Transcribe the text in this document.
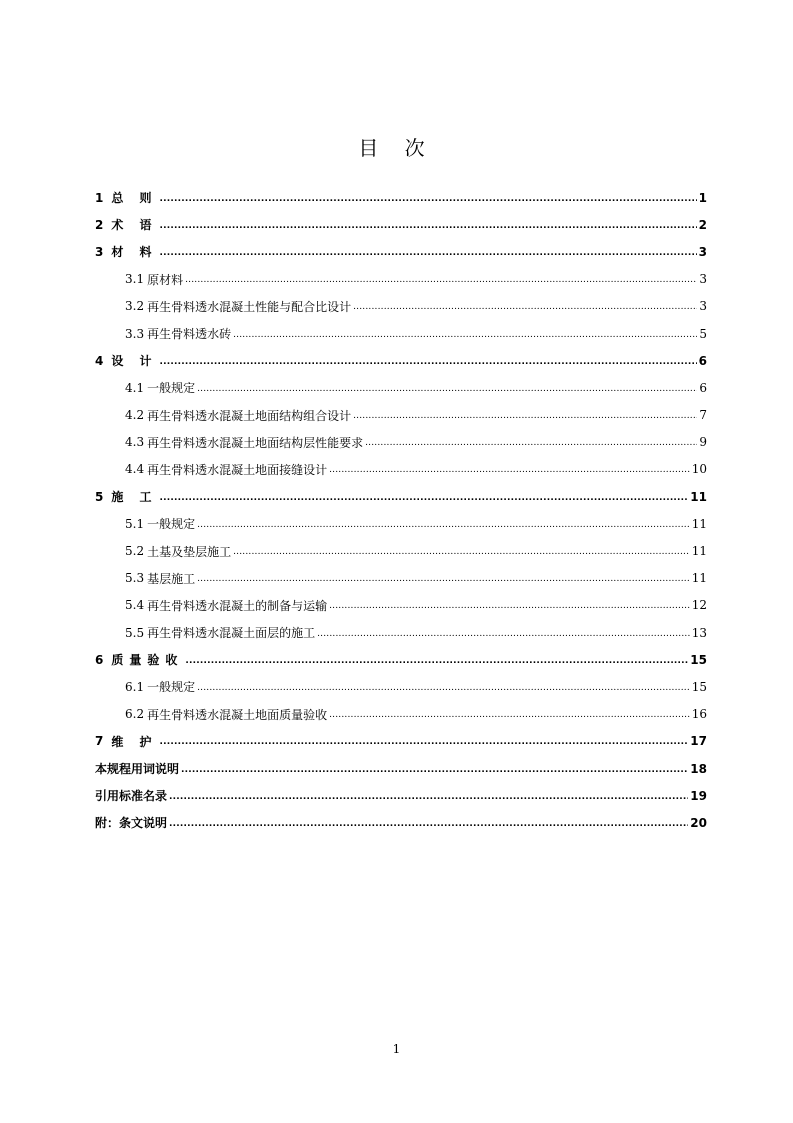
目 次
1 总 则 .....	1
2 术 语 .....	2
3 材 料 .....	3
3.1 原材料 .....	3
3.2 再生骨料透水混凝土性能与配合比设计 .....	3
3.3 再生骨料透水砖 .....	5
4 设 计 .....	6
4.1 一般规定 .....	6
4.2 再生骨料透水混凝土地面结构组合设计 .....	7
4.3 再生骨料透水混凝土地面结构层性能要求 .....	9
4.4 再生骨料透水混凝土地面接缝设计 .....	10
5 施 工 .....	11
5.1 一般规定 .....	11
5.2 土基及垫层施工 .....	11
5.3 基层施工 .....	11
5.4 再生骨料透水混凝土的制备与运输 .....	12
5.5 再生骨料透水混凝土面层的施工 .....	13
6 质量验收 .....	15
6.1 一般规定 .....	15
6.2 再生骨料透水混凝土地面质量验收 .....	16
7 维 护 .....	17
本规程用词说明 .....	18
引用标准名录 .....	19
附：条文说明 .....	20
1
